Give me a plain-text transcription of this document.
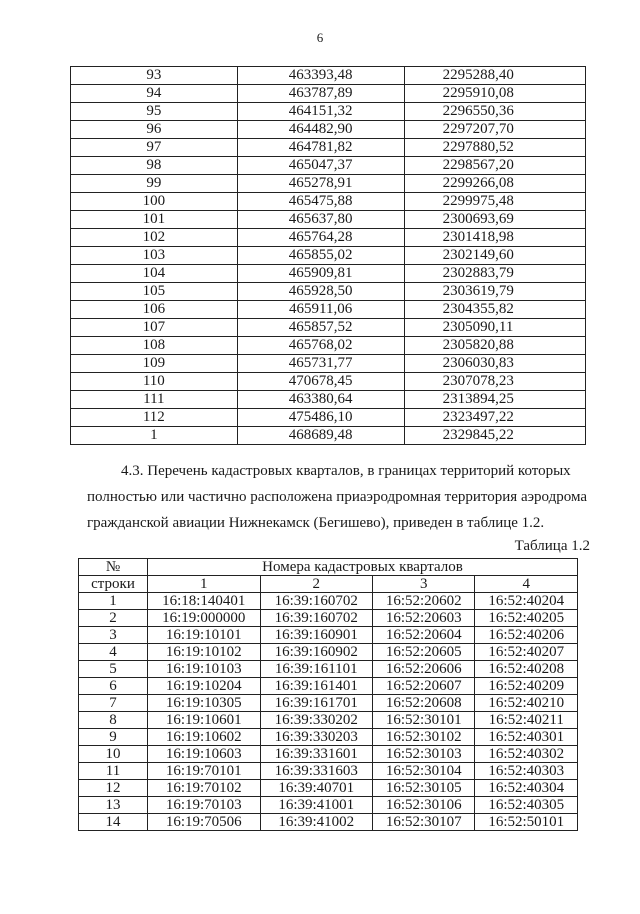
6
93	463393,48	2295288,40
94	463787,89	2295910,08
95	464151,32	2296550,36
96	464482,90	2297207,70
97	464781,82	2297880,52
98	465047,37	2298567,20
99	465278,91	2299266,08
100	465475,88	2299975,48
101	465637,80	2300693,69
102	465764,28	2301418,98
103	465855,02	2302149,60
104	465909,81	2302883,79
105	465928,50	2303619,79
106	465911,06	2304355,82
107	465857,52	2305090,11
108	465768,02	2305820,88
109	465731,77	2306030,83
110	470678,45	2307078,23
111	463380,64	2313894,25
112	475486,10	2323497,22
1	468689,48	2329845,22
4.3. Перечень кадастровых кварталов, в границах территорий которых
полностью или частично расположена приаэродромная территория аэродрома
гражданской авиации Нижнекамск (Бегишево), приведен в таблице 1.2.
Таблица 1.2
№	Номера кадастровых кварталов			
строки	1	2	3	4
1	16:18:140401	16:39:160702	16:52:20602	16:52:40204
2	16:19:000000	16:39:160702	16:52:20603	16:52:40205
3	16:19:10101	16:39:160901	16:52:20604	16:52:40206
4	16:19:10102	16:39:160902	16:52:20605	16:52:40207
5	16:19:10103	16:39:161101	16:52:20606	16:52:40208
6	16:19:10204	16:39:161401	16:52:20607	16:52:40209
7	16:19:10305	16:39:161701	16:52:20608	16:52:40210
8	16:19:10601	16:39:330202	16:52:30101	16:52:40211
9	16:19:10602	16:39:330203	16:52:30102	16:52:40301
10	16:19:10603	16:39:331601	16:52:30103	16:52:40302
11	16:19:70101	16:39:331603	16:52:30104	16:52:40303
12	16:19:70102	16:39:40701	16:52:30105	16:52:40304
13	16:19:70103	16:39:41001	16:52:30106	16:52:40305
14	16:19:70506	16:39:41002	16:52:30107	16:52:50101
